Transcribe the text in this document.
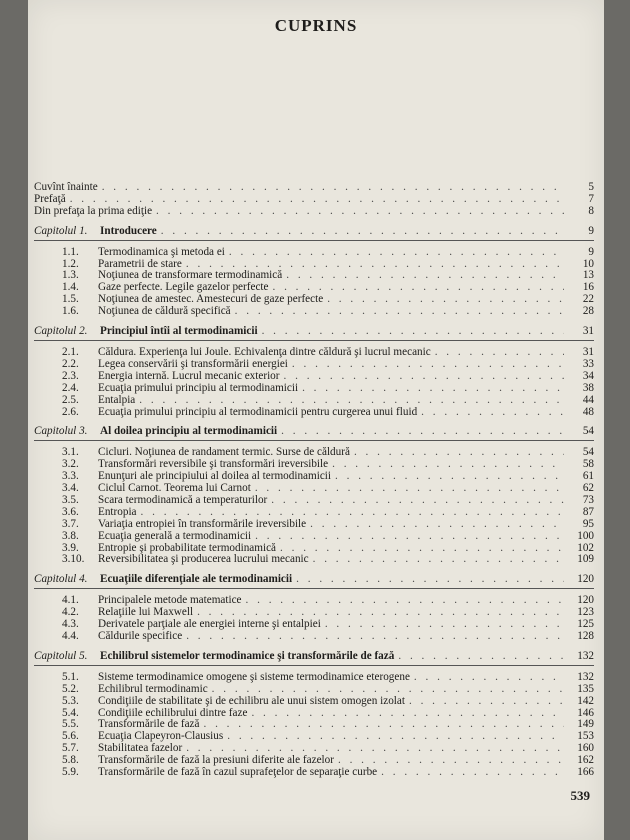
CUPRINS
Cuvînt înainte . . .	5
Prefaţă . . .	7
Din prefaţa la prima ediţie . . .	8
Capitolul 1.	Introducere . . .	9
1.1.	Termodinamica şi metoda ei . . .	9
1.2.	Parametrii de stare . . .	10
1.3.	Noţiunea de transformare termodinamică . . .	13
1.4.	Gaze perfecte. Legile gazelor perfecte . . .	16
1.5.	Noţiunea de amestec. Amestecuri de gaze perfecte . . .	22
1.6.	Noţiunea de căldură specifică . . .	28
Capitolul 2.	Principiul întîi al termodinamicii . . .	31
2.1.	Căldura. Experienţa lui Joule. Echivalenţa dintre căldură şi lucrul mecanic . . .	31
2.2.	Legea conservării şi transformării energiei . . .	33
2.3.	Energia internă. Lucrul mecanic exterior . . .	34
2.4.	Ecuaţia primului principiu al termodinamicii . . .	38
2.5.	Entalpia . . .	44
2.6.	Ecuaţia primului principiu al termodinamicii pentru curgerea unui fluid . . .	48
Capitolul 3.	Al doilea principiu al termodinamicii . . .	54
3.1.	Cicluri. Noţiunea de randament termic. Surse de căldură . . .	54
3.2.	Transformări reversibile şi transformări ireversibile . . .	58
3.3.	Enunţuri ale principiului al doilea al termodinamicii . . .	61
3.4.	Ciclul Carnot. Teorema lui Carnot . . .	62
3.5.	Scara termodinamică a temperaturilor . . .	73
3.6.	Entropia . . .	87
3.7.	Variaţia entropiei în transformările ireversibile . . .	95
3.8.	Ecuaţia generală a termodinamicii . . .	100
3.9.	Entropie şi probabilitate termodinamică . . .	102
3.10.	Reversibilitatea şi producerea lucrului mecanic . . .	109
Capitolul 4.	Ecuaţiile diferenţiale ale termodinamicii . . .	120
4.1.	Principalele metode matematice . . .	120
4.2.	Relaţiile lui Maxwell . . .	123
4.3.	Derivatele parţiale ale energiei interne şi entalpiei . . .	125
4.4.	Căldurile specifice . . .	128
Capitolul 5.	Echilibrul sistemelor termodinamice şi transformările de fază . . .	132
5.1.	Sisteme termodinamice omogene şi sisteme termodinamice eterogene . . .	132
5.2.	Echilibrul termodinamic . . .	135
5.3.	Condiţiile de stabilitate şi de echilibru ale unui sistem omogen izolat . . .	142
5.4.	Condiţiile echilibrului dintre faze . . .	146
5.5.	Transformările de fază . . .	149
5.6.	Ecuaţia Clapeyron-Clausius . . .	153
5.7.	Stabilitatea fazelor . . .	160
5.8.	Transformările de fază la presiuni diferite ale fazelor . . .	162
5.9.	Transformările de fază în cazul suprafeţelor de separaţie curbe . . .	166
539
